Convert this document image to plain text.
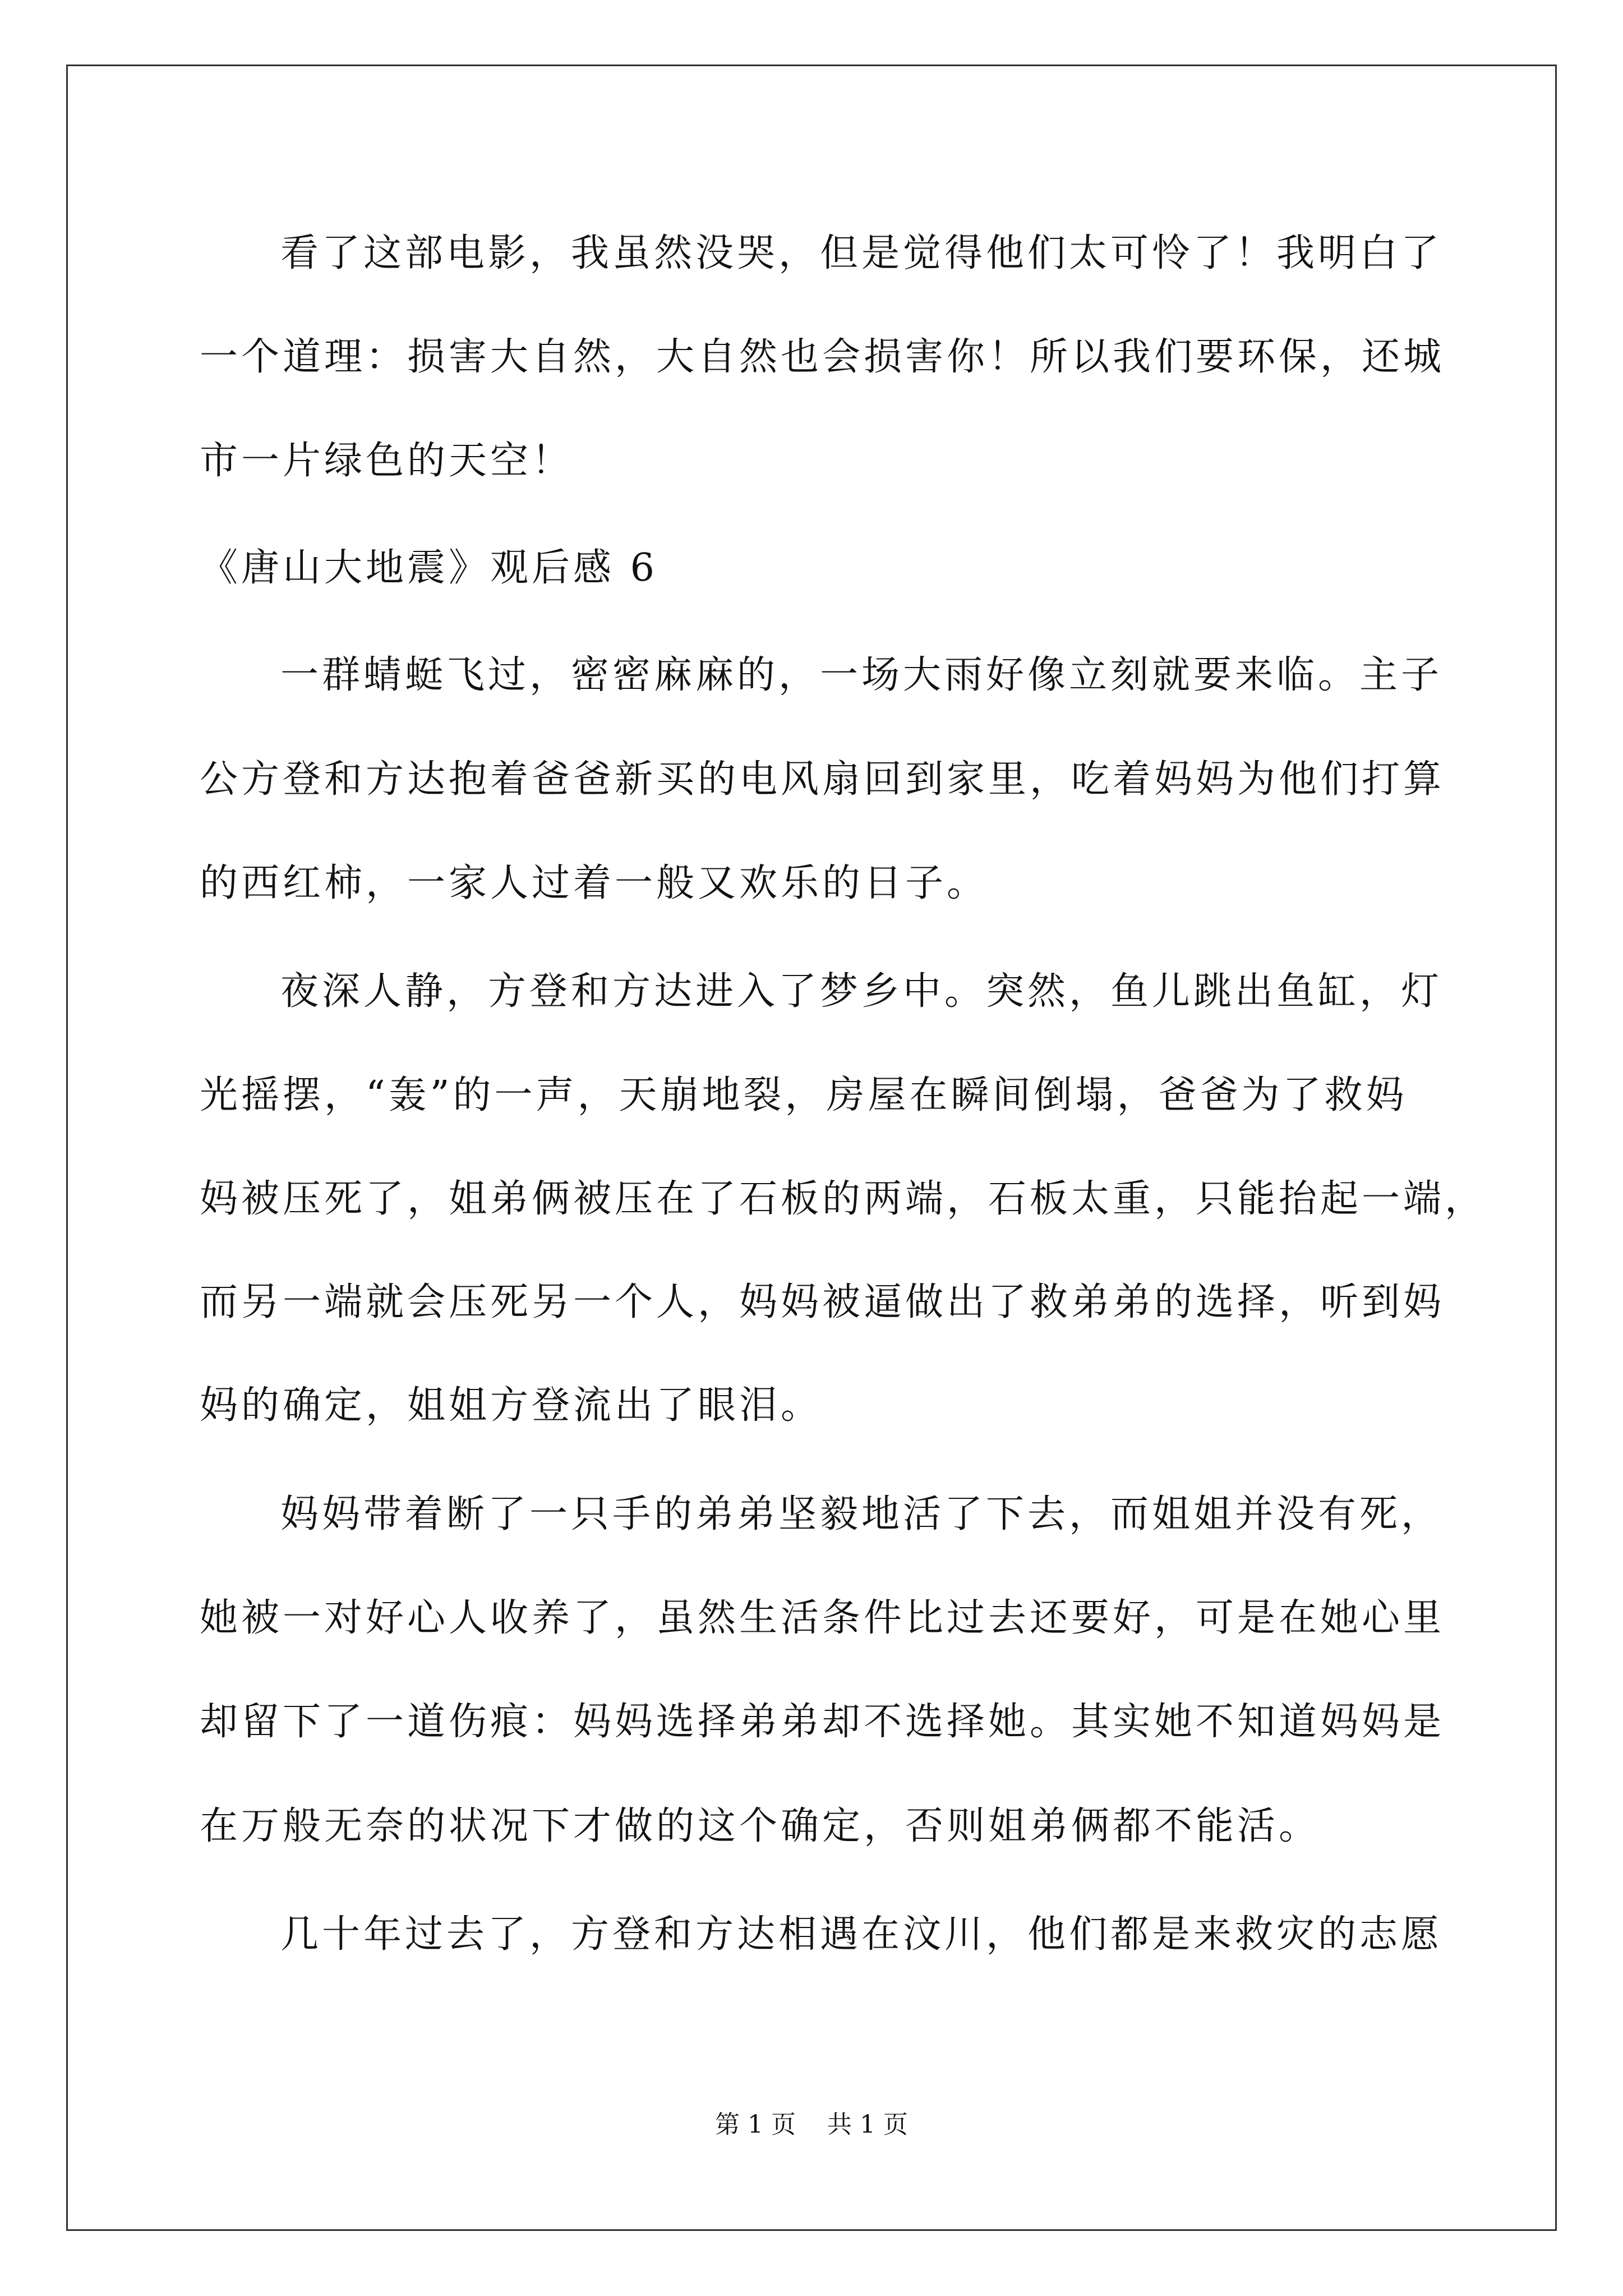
看了这部电影，我虽然没哭，但是觉得他们太可怜了！我明白了
一个道理：损害大自然，大自然也会损害你！所以我们要环保，还城
市一片绿色的天空！
《唐山大地震》观后感 6
一群蜻蜓飞过，密密麻麻的，一场大雨好像立刻就要来临。主子
公方登和方达抱着爸爸新买的电风扇回到家里，吃着妈妈为他们打算
的西红柿，一家人过着一般又欢乐的日子。
夜深人静，方登和方达进入了梦乡中。突然，鱼儿跳出鱼缸，灯
光摇摆，“轰”的一声，天崩地裂，房屋在瞬间倒塌，爸爸为了救妈
妈被压死了，姐弟俩被压在了石板的两端，石板太重，只能抬起一端，
而另一端就会压死另一个人，妈妈被逼做出了救弟弟的选择，听到妈
妈的确定，姐姐方登流出了眼泪。
妈妈带着断了一只手的弟弟坚毅地活了下去，而姐姐并没有死，
她被一对好心人收养了，虽然生活条件比过去还要好，可是在她心里
却留下了一道伤痕：妈妈选择弟弟却不选择她。其实她不知道妈妈是
在万般无奈的状况下才做的这个确定，否则姐弟俩都不能活。
几十年过去了，方登和方达相遇在汶川，他们都是来救灾的志愿
第 1 页    共 1 页
